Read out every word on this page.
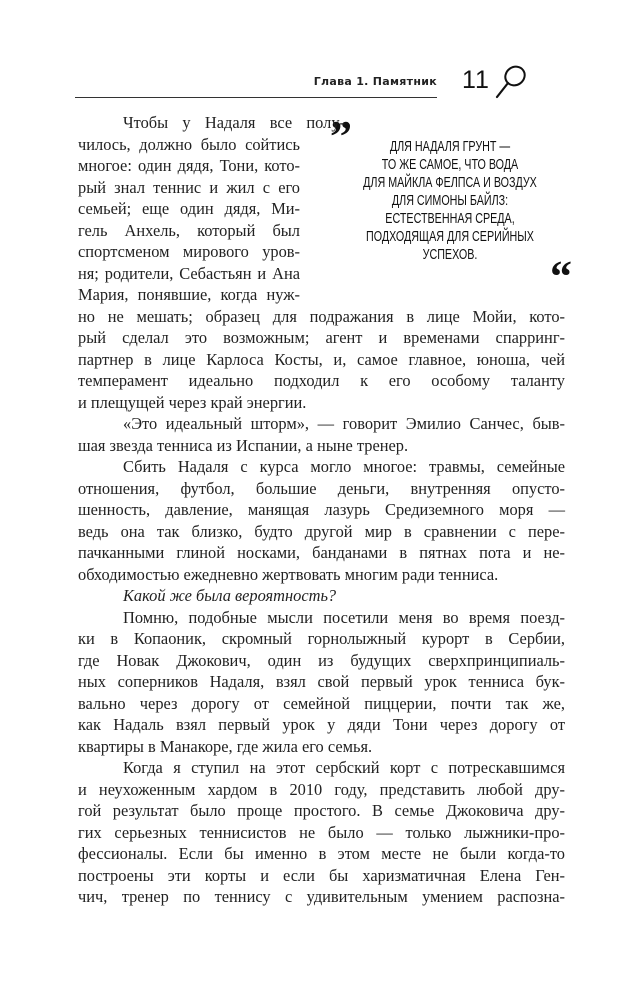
Глава 1. Памятник 11
”	ДЛЯ НАДАЛЯ ГРУНТ —
ТО ЖЕ САМОЕ, ЧТО ВОДА
ДЛЯ МАЙКЛА ФЕЛПСА И ВОЗДУХ
ДЛЯ СИМОНЫ БАЙЛЗ:
ЕСТЕСТВЕННАЯ СРЕДА,
ПОДХОДЯЩАЯ ДЛЯ СЕРИЙНЫХ
УСПЕХОВ.	“
Чтобы у Надаля все полу-
чилось, должно было сойтись
многое: один дядя, Тони, кото-
рый знал теннис и жил с его
семьей; еще один дядя, Ми-
гель Анхель, который был
спортсменом мирового уров-
ня; родители, Себастьян и Ана
Мария, понявшие, когда нуж-
но не мешать; образец для подражания в лице Мойи, кото-
рый сделал это возможным; агент и временами спарринг-
партнер в лице Карлоса Косты, и, самое главное, юноша, чей
темперамент идеально подходил к его особому таланту
и плещущей через край энергии.
«Это идеальный шторм», — говорит Эмилио Санчес, быв-
шая звезда тенниса из Испании, а ныне тренер.
Сбить Надаля с курса могло многое: травмы, семейные
отношения, футбол, большие деньги, внутренняя опусто-
шенность, давление, манящая лазурь Средиземного моря —
ведь она так близко, будто другой мир в сравнении с пере-
пачканными глиной носками, банданами в пятнах пота и не-
обходимостью ежедневно жертвовать многим ради тенниса.
Какой же была вероятность?
Помню, подобные мысли посетили меня во время поезд-
ки в Копаоник, скромный горнолыжный курорт в Сербии,
где Новак Джокович, один из будущих сверхпринципиаль-
ных соперников Надаля, взял свой первый урок тенниса бук-
вально через дорогу от семейной пиццерии, почти так же,
как Надаль взял первый урок у дяди Тони через дорогу от
квартиры в Манакоре, где жила его семья.
Когда я ступил на этот сербский корт с потрескавшимся
и неухоженным хардом в 2010 году, представить любой дру-
гой результат было проще простого. В семье Джоковича дру-
гих серьезных теннисистов не было — только лыжники-про-
фессионалы. Если бы именно в этом месте не были когда-то
построены эти корты и если бы харизматичная Елена Ген-
чич, тренер по теннису с удивительным умением распозна-
